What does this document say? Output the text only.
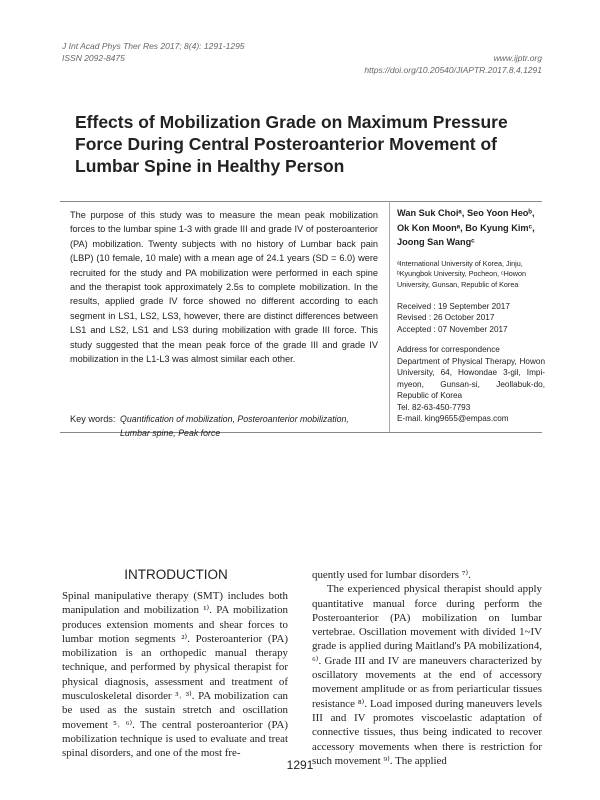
J Int Acad Phys Ther Res 2017; 8(4): 1291-1295
ISSN 2092-8475	www.ijptr.org
https://doi.org/10.20540/JIAPTR.2017.8.4.1291
Effects of Mobilization Grade on Maximum Pressure Force During Central Posteroanterior Movement of Lumbar Spine in Healthy Person
The purpose of this study was to measure the mean peak mobilization forces to the lumbar spine 1-3 with grade III and grade IV of posteroanterior (PA) mobilization. Twenty subjects with no history of Lumbar back pain (LBP) (10 female, 10 male) with a mean age of 24.1 years (SD = 6.0) were recruited for the study and PA mobilization were performed in each spine and the therapist took approximately 2.5s to complete mobilization. In the results, applied grade IV force showed no different according to each segment in LS1, LS2, LS3, however, there are distinct differences between LS1 and LS2, LS1 and LS3 during mobilization with grade III force. This study suggested that the mean peak force of the grade III and grade IV mobilization in the L1-L3 was almost similar each other.
Key words: Quantification of mobilization, Posteroanterior mobilization, Lumbar spine, Peak force
Wan Suk Choiᵃ, Seo Yoon Heoᵇ, Ok Kon Moonᵃ, Bo Kyung Kimᶜ, Joong San Wangᶜ
ᵃInternational University of Korea, Jinju, ᵇKyungbok University, Pocheon, ᶜHowon University, Gunsan, Republic of Korea
Received : 19 September 2017
Revised : 26 October 2017
Accepted : 07 November 2017
Address for correspondence
Department of Physical Therapy, Howon University, 64, Howondae 3-gil, Impi-myeon, Gunsan-si, Jeollabuk-do, Republic of Korea
Tel. 82-63-450-7793
E-mail. king9655@empas.com
INTRODUCTION
Spinal manipulative therapy (SMT) includes both manipulation and mobilization ¹⁾. PA mobilization produces extension moments and shear forces to lumbar motion segments ²⁾. Posteroanterior (PA) mobilization is an orthopedic manual therapy technique, and performed by physical therapist for physical diagnosis, assessment and treatment of musculoskeletal disorder ³˒ ³⁾. PA mobilization can be used as the sustain stretch and oscillation movement ⁵˒ ⁶⁾. The central posteroanterior (PA) mobilization technique is used to evaluate and treat spinal disorders, and one of the most fre-
quently used for lumbar disorders ⁷⁾.
The experienced physical therapist should apply quantitative manual force during perform the Posteroanterior (PA) mobilization on lumbar vertebrae. Oscillation movement with divided 1~IV grade is applied during Maitland's PA mobilization4, ⁶⁾. Grade III and IV are maneuvers characterized by oscillatory movements at the end of accessory movement amplitude or as from periarticular tissues resistance ⁸⁾. Load imposed during maneuvers levels III and IV promotes viscoelastic adaptation of connective tissues, thus being indicated to recover accessory movements when there is restriction for such movement ⁹⁾. The applied
1291
